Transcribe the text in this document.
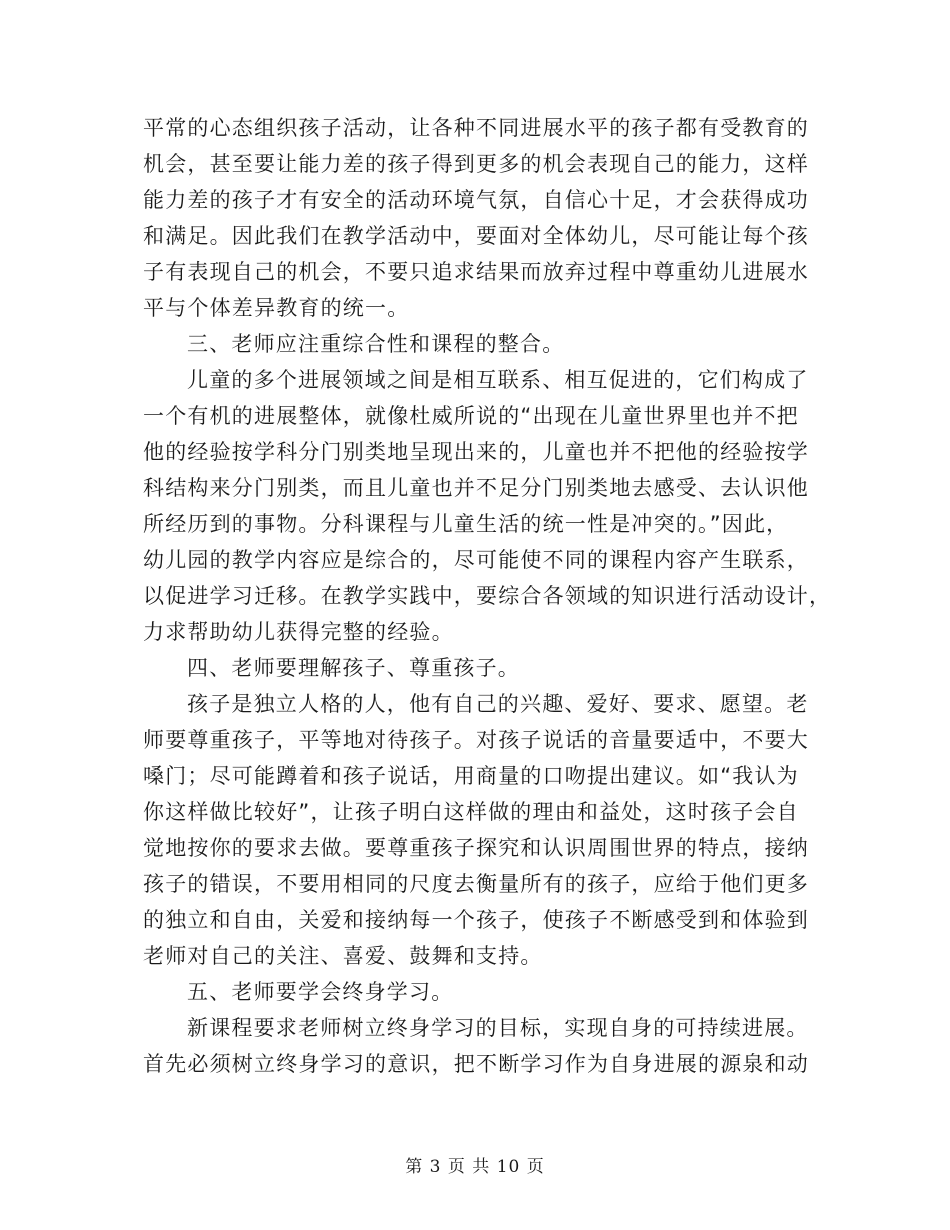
平常的心态组织孩子活动，让各种不同进展水平的孩子都有受教育的
机会，甚至要让能力差的孩子得到更多的机会表现自己的能力，这样
能力差的孩子才有安全的活动环境气氛，自信心十足，才会获得成功
和满足。因此我们在教学活动中，要面对全体幼儿，尽可能让每个孩
子有表现自己的机会，不要只追求结果而放弃过程中尊重幼儿进展水
平与个体差异教育的统一。
三、老师应注重综合性和课程的整合。
儿童的多个进展领域之间是相互联系、相互促进的，它们构成了
一个有机的进展整体，就像杜威所说的“出现在儿童世界里也并不把
他的经验按学科分门别类地呈现出来的，儿童也并不把他的经验按学
科结构来分门别类，而且儿童也并不足分门别类地去感受、去认识他
所经历到的事物。分科课程与儿童生活的统一性是冲突的。”因此，
幼儿园的教学内容应是综合的，尽可能使不同的课程内容产生联系，
以促进学习迁移。在教学实践中，要综合各领域的知识进行活动设计，
力求帮助幼儿获得完整的经验。
四、老师要理解孩子、尊重孩子。
孩子是独立人格的人，他有自己的兴趣、爱好、要求、愿望。老
师要尊重孩子，平等地对待孩子。对孩子说话的音量要适中，不要大
嗓门；尽可能蹲着和孩子说话，用商量的口吻提出建议。如“我认为
你这样做比较好”，让孩子明白这样做的理由和益处，这时孩子会自
觉地按你的要求去做。要尊重孩子探究和认识周围世界的特点，接纳
孩子的错误，不要用相同的尺度去衡量所有的孩子，应给于他们更多
的独立和自由，关爱和接纳每一个孩子，使孩子不断感受到和体验到
老师对自己的关注、喜爱、鼓舞和支持。
五、老师要学会终身学习。
新课程要求老师树立终身学习的目标，实现自身的可持续进展。
首先必须树立终身学习的意识，把不断学习作为自身进展的源泉和动
第 3 页 共 10 页
